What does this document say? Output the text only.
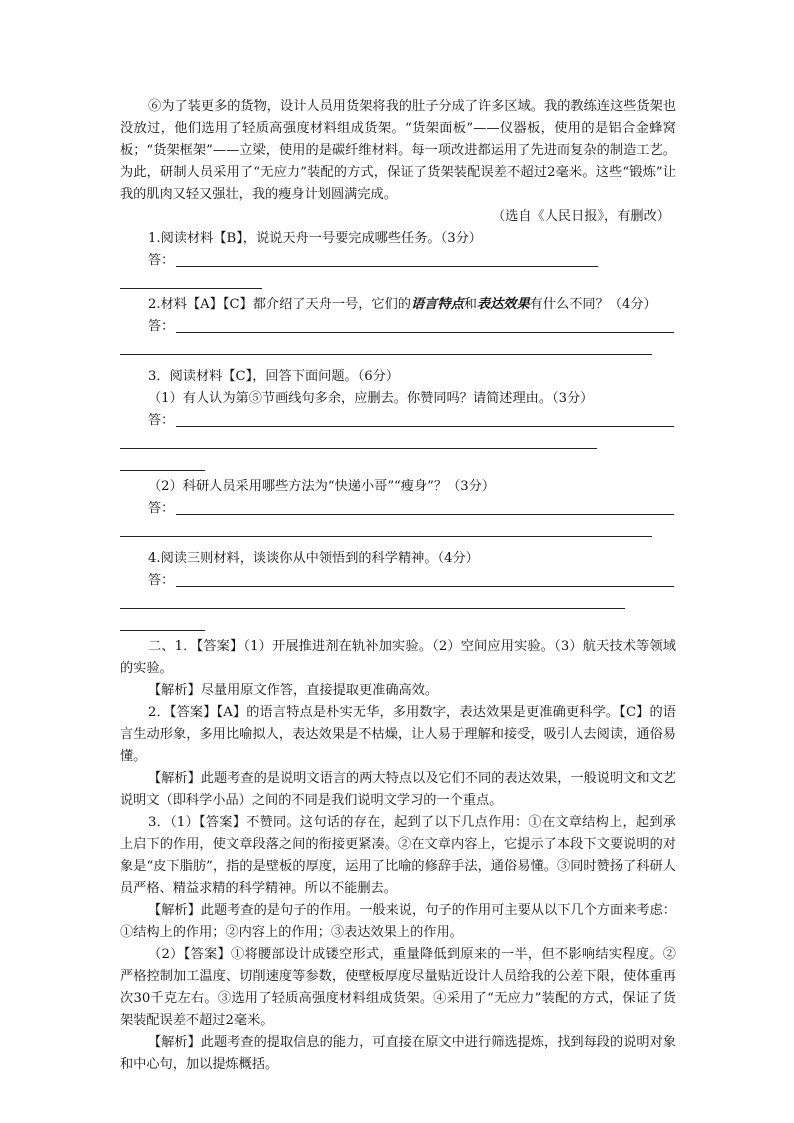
⑥为了装更多的货物，设计人员用货架将我的肚子分成了许多区域。我的教练连这些货架也没放过，他们选用了轻质高强度材料组成货架。“货架面板”——仪器板，使用的是铝合金蜂窝板；“货架框架”——立梁，使用的是碳纤维材料。每一项改进都运用了先进而复杂的制造工艺。为此，研制人员采用了“无应力”装配的方式，保证了货架装配误差不超过2毫米。这些“锻炼”让我的肌肉又轻又强壮，我的瘦身计划圆满完成。

（选自《人民日报》，有删改）

1.阅读材料【B】，说说天舟一号要完成哪些任务。（3分）

答：

2.材料【A】【C】都介绍了天舟一号，它们的语言特点和表达效果有什么不同？（4分）

答：

3．阅读材料【C】，回答下面问题。（6分）

（1）有人认为第⑤节画线句多余，应删去。你赞同吗？请简述理由。（3分）

答：

（2）科研人员采用哪些方法为“快递小哥”“瘦身”？（3分）

答：

4.阅读三则材料，谈谈你从中领悟到的科学精神。（4分）

答：

二、1．【答案】（1）开展推进剂在轨补加实验。（2）空间应用实验。（3）航天技术等领域的实验。

【解析】尽量用原文作答，直接提取更准确高效。

2．【答案】【A】的语言特点是朴实无华，多用数字，表达效果是更准确更科学。【C】的语言生动形象，多用比喻拟人，表达效果是不枯燥，让人易于理解和接受，吸引人去阅读，通俗易懂。

【解析】此题考查的是说明文语言的两大特点以及它们不同的表达效果，一般说明文和文艺说明文（即科学小品）之间的不同是我们说明文学习的一个重点。

3．（1）【答案】不赞同。这句话的存在，起到了以下几点作用：①在文章结构上，起到承上启下的作用，使文章段落之间的衔接更紧凑。②在文章内容上，它提示了本段下文要说明的对象是“皮下脂肪”，指的是壁板的厚度，运用了比喻的修辞手法，通俗易懂。③同时赞扬了科研人员严格、精益求精的科学精神。所以不能删去。

【解析】此题考查的是句子的作用。一般来说，句子的作用可主要从以下几个方面来考虑：①结构上的作用；②内容上的作用；③表达效果上的作用。

（2）【答案】①将腰部设计成镂空形式，重量降低到原来的一半，但不影响结实程度。②严格控制加工温度、切削速度等参数，使壁板厚度尽量贴近设计人员给我的公差下限，使体重再次30千克左右。③选用了轻质高强度材料组成货架。④采用了“无应力”装配的方式，保证了货架装配误差不超过2毫米。

【解析】此题考查的提取信息的能力，可直接在原文中进行筛选提炼，找到每段的说明对象和中心句，加以提炼概括。
